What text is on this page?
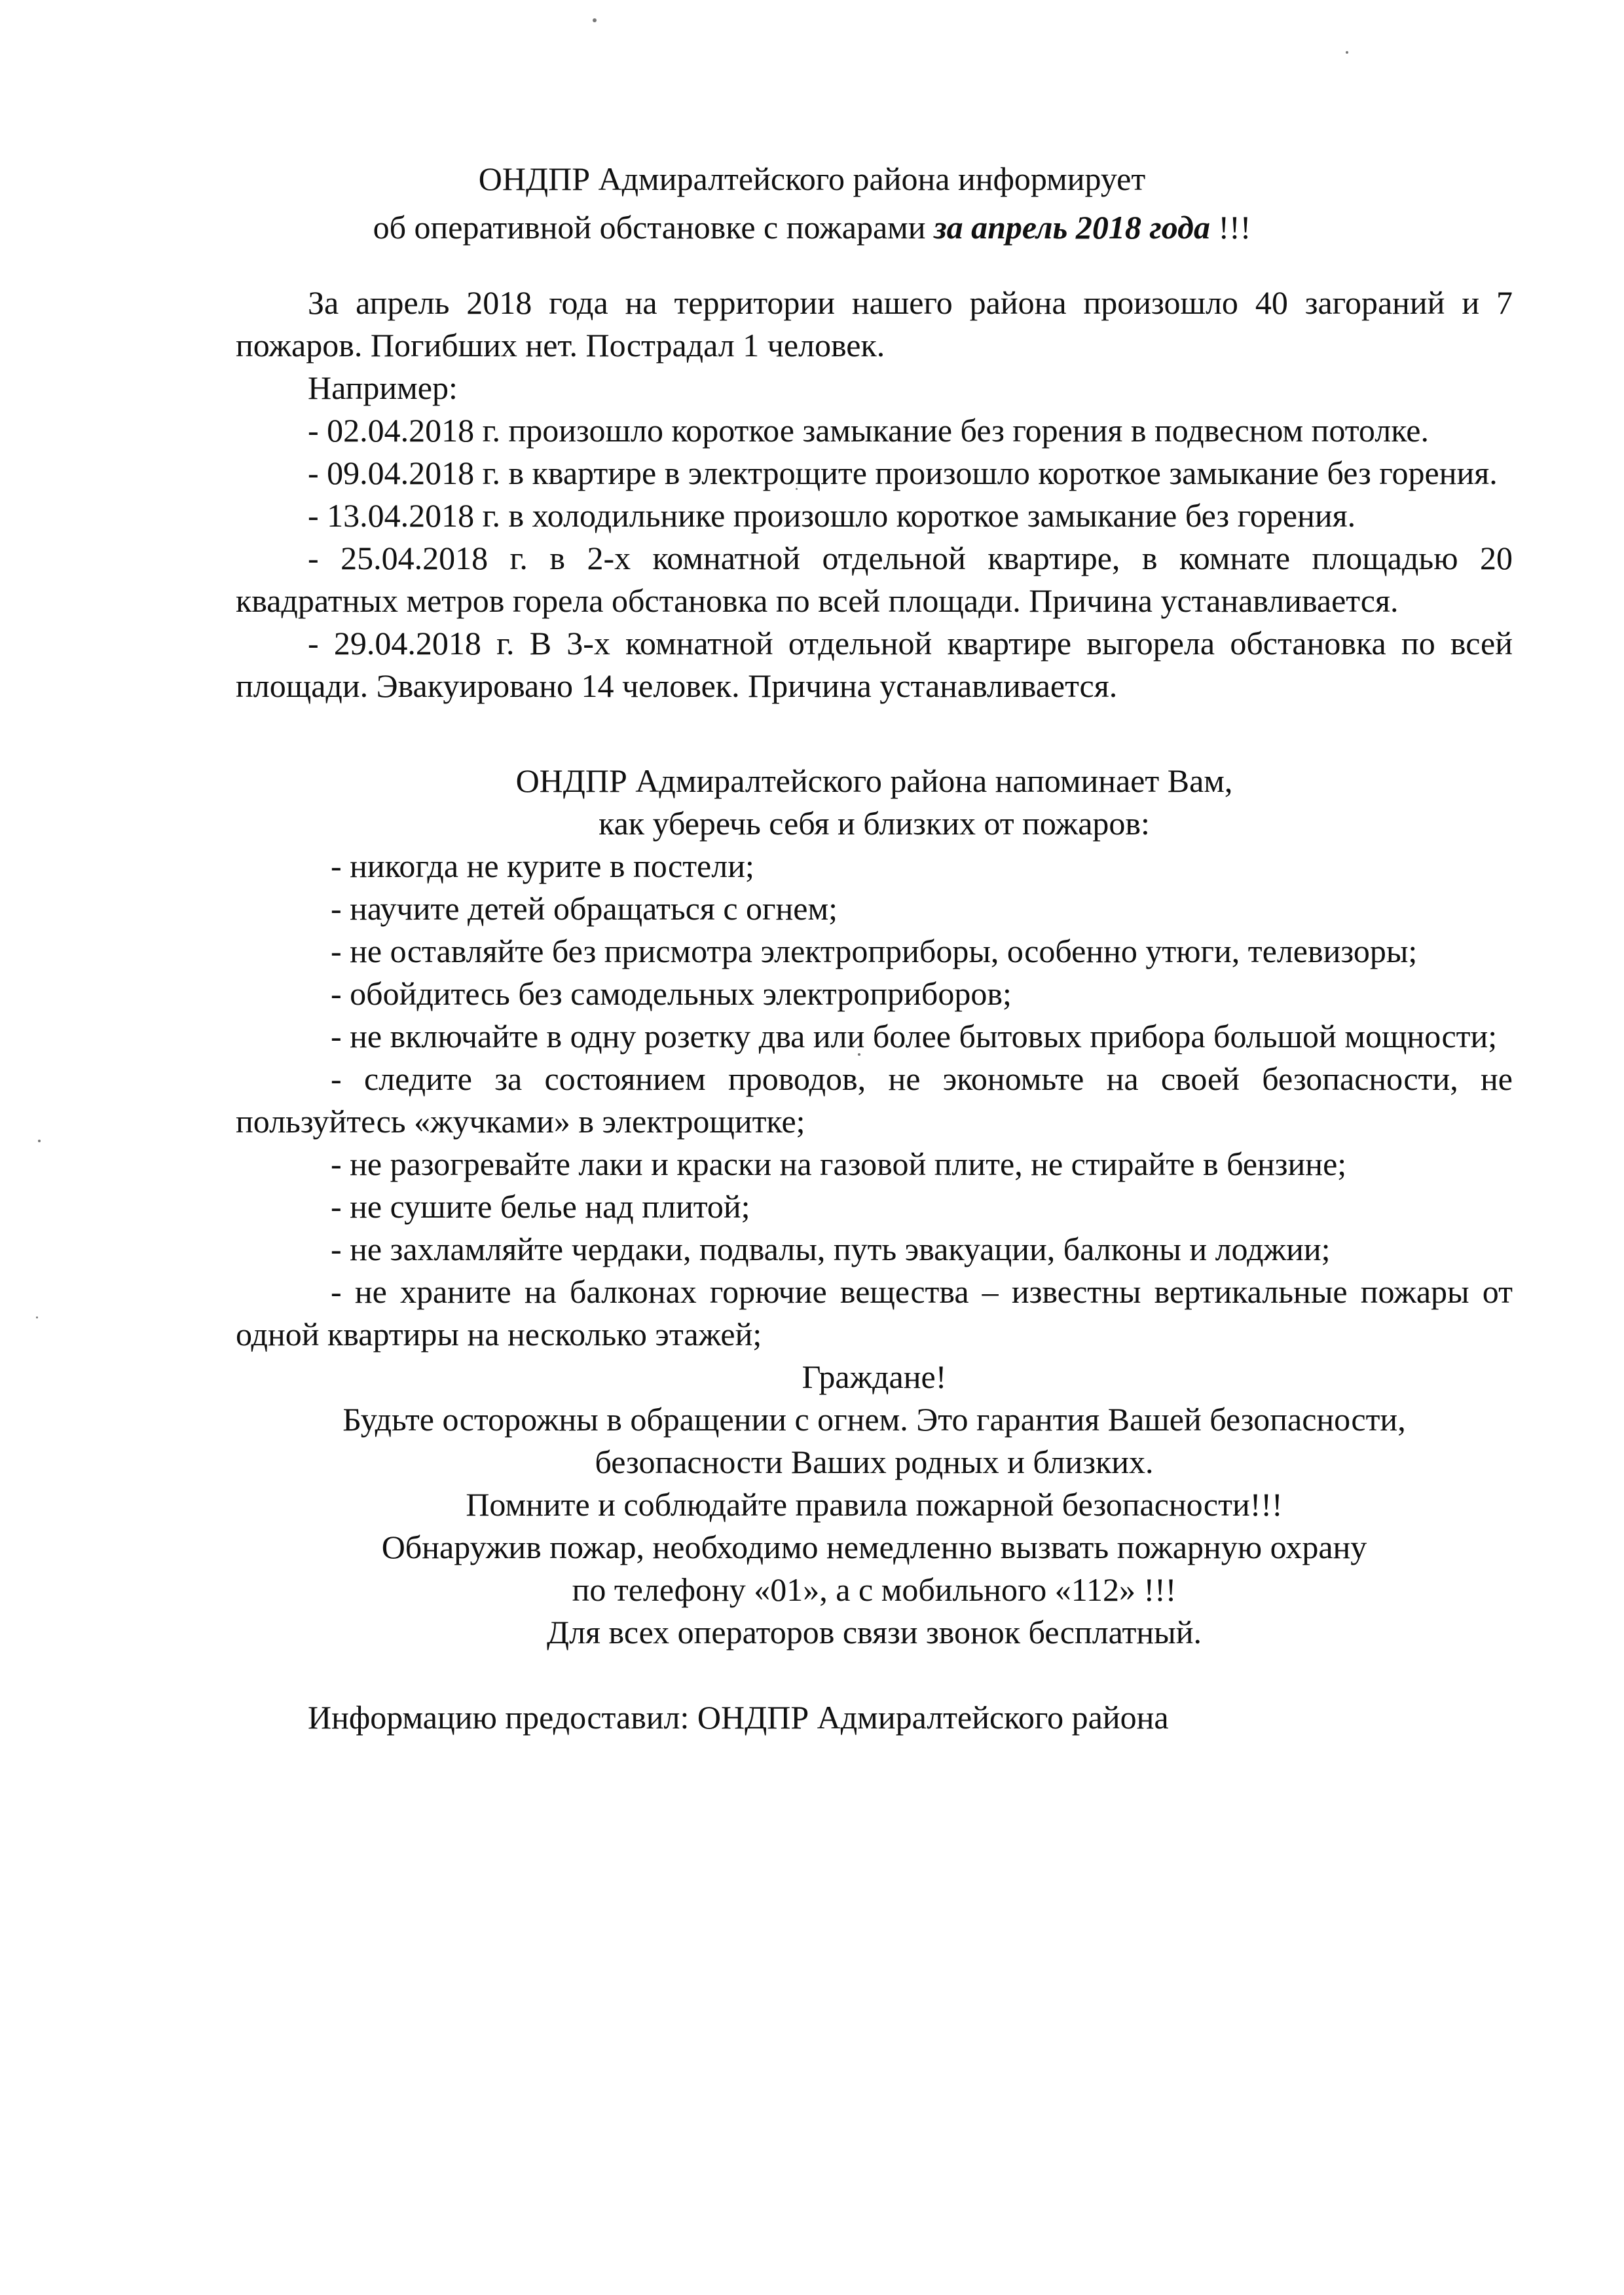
ОНДПР Адмиралтейского района информирует
об оперативной обстановке с пожарами за апрель 2018 года !!!

За апрель 2018 года на территории нашего района произошло 40 загораний и 7 пожаров. Погибших нет. Пострадал 1 человек.

Например:

- 02.04.2018 г. произошло короткое замыкание без горения в подвесном потолке.

- 09.04.2018 г. в квартире в электрощите произошло короткое замыкание без горения.

- 13.04.2018 г. в холодильнике произошло короткое замыкание без горения.

- 25.04.2018 г. в 2-х комнатной отдельной квартире, в комнате площадью 20 квадратных метров горела обстановка по всей площади. Причина устанавливается.

- 29.04.2018 г. В 3-х комнатной отдельной квартире выгорела обстановка по всей площади. Эвакуировано 14 человек. Причина устанавливается.

ОНДПР Адмиралтейского района напоминает Вам,

как уберечь себя и близких от пожаров:

- никогда не курите в постели;

- научите детей обращаться с огнем;

- не оставляйте без присмотра электроприборы, особенно утюги, телевизоры;

- обойдитесь без самодельных электроприборов;

- не включайте в одну розетку два или более бытовых прибора большой мощности;

- следите за состоянием проводов, не экономьте на своей безопасности, не пользуйтесь «жучками» в электрощитке;

- не разогревайте лаки и краски на газовой плите, не стирайте в бензине;

- не сушите белье над плитой;

- не захламляйте чердаки, подвалы, путь эвакуации, балконы и лоджии;

- не храните на балконах горючие вещества – известны вертикальные пожары от одной квартиры на несколько этажей;

Граждане!

Будьте осторожны в обращении с огнем. Это гарантия Вашей безопасности,

безопасности Ваших родных и близких.

Помните и соблюдайте правила пожарной безопасности!!!

Обнаружив пожар, необходимо немедленно вызвать пожарную охрану

по телефону «01», а с мобильного «112» !!!

Для всех операторов связи звонок бесплатный.

Информацию предоставил: ОНДПР Адмиралтейского района
